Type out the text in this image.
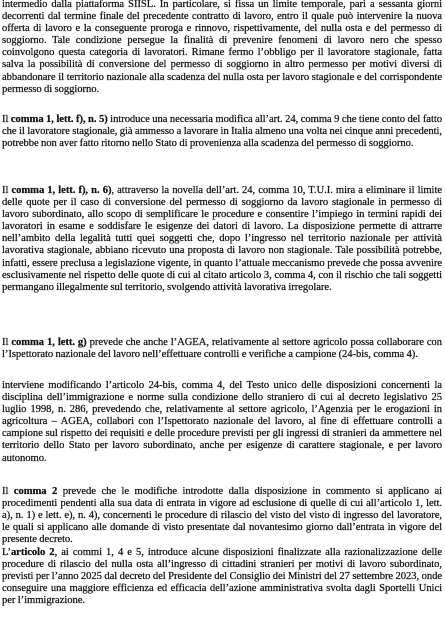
intermedio dalla piattaforma SIISL. In particolare, si fissa un limite temporale, pari a sessanta giorni decorrenti dal termine finale del precedente contratto di lavoro, entro il quale può intervenire la nuova offerta di lavoro e la conseguente proroga e rinnovo, rispettivamente, del nulla osta e del permesso di soggiorno. Tale condizione persegue la finalità di prevenire fenomeni di lavoro nero che spesso coinvolgono questa categoria di lavoratori. Rimane fermo l’obbligo per il lavoratore stagionale, fatta salva la possibilità di conversione del permesso di soggiorno in altro permesso per motivi diversi di abbandonare il territorio nazionale alla scadenza del nulla osta per lavoro stagionale e del corrispondente permesso di soggiorno.

Il comma 1, lett. f), n. 5) introduce una necessaria modifica all’art. 24, comma 9 che tiene conto del fatto che il lavoratore stagionale, già ammesso a lavorare in Italia almeno una volta nei cinque anni precedenti, potrebbe non aver fatto ritorno nello Stato di provenienza alla scadenza del permesso di soggiorno.

Il comma 1, lett. f), n. 6), attraverso la novella dell’art. 24, comma 10, T.U.I. mira a eliminare il limite delle quote per il caso di conversione del permesso di soggiorno da lavoro stagionale in permesso di lavoro subordinato, allo scopo di semplificare le procedure e consentire l’impiego in termini rapidi dei lavoratori in esame e soddisfare le esigenze dei datori di lavoro. La disposizione permette di attrarre nell’ambito della legalità tutti quei soggetti che, dopo l’ingresso nel territorio nazionale per attività lavorativa stagionale, abbiano ricevuto una proposta di lavoro non stagionale. Tale possibilità potrebbe, infatti, essere preclusa a legislazione vigente, in quanto l’attuale meccanismo prevede che possa avvenire esclusivamente nel rispetto delle quote di cui al citato articolo 3, comma 4, con il rischio che tali soggetti permangano illegalmente sul territorio, svolgendo attività lavorativa irregolare.

Il comma 1, lett. g) prevede che anche l’AGEA, relativamente al settore agricolo possa collaborare con l’Ispettorato nazionale del lavoro nell’effettuare controlli e verifiche a campione (24-bis, comma 4).

interviene modificando l’articolo 24-bis, comma 4, del Testo unico delle disposizioni concernenti la disciplina dell’immigrazione e norme sulla condizione dello straniero di cui al decreto legislativo 25 luglio 1998, n. 286, prevedendo che, relativamente al settore agricolo, l’Agenzia per le erogazioni in agricoltura – AGEA, collabori con l’Ispettorato nazionale del lavoro, al fine di effettuare controlli a campione sul rispetto dei requisiti e delle procedure previsti per gli ingressi di stranieri da ammettere nel territorio dello Stato per lavoro subordinato, anche per esigenze di carattere stagionale, e per lavoro autonomo.

Il comma 2 prevede che le modifiche introdotte dalla disposizione in commento si applicano ai procedimenti pendenti alla sua data di entrata in vigore ad esclusione di quelle di cui all’articolo 1, lett. a), n. 1) e lett. e), n. 4), concernenti le procedure di rilascio del visto del visto di ingresso del lavoratore, le quali si applicano alle domande di visto presentate dal novantesimo giorno dall’entrata in vigore del presente decreto.

L’articolo 2, ai commi 1, 4 e 5, introduce alcune disposizioni finalizzate alla razionalizzazione delle procedure di rilascio del nulla osta all’ingresso di cittadini stranieri per motivi di lavoro subordinato, previsti per l’anno 2025 dal decreto del Presidente del Consiglio dei Ministri del 27 settembre 2023, onde conseguire una maggiore efficienza ed efficacia dell’azione amministrativa svolta dagli Sportelli Unici per l’immigrazione.
